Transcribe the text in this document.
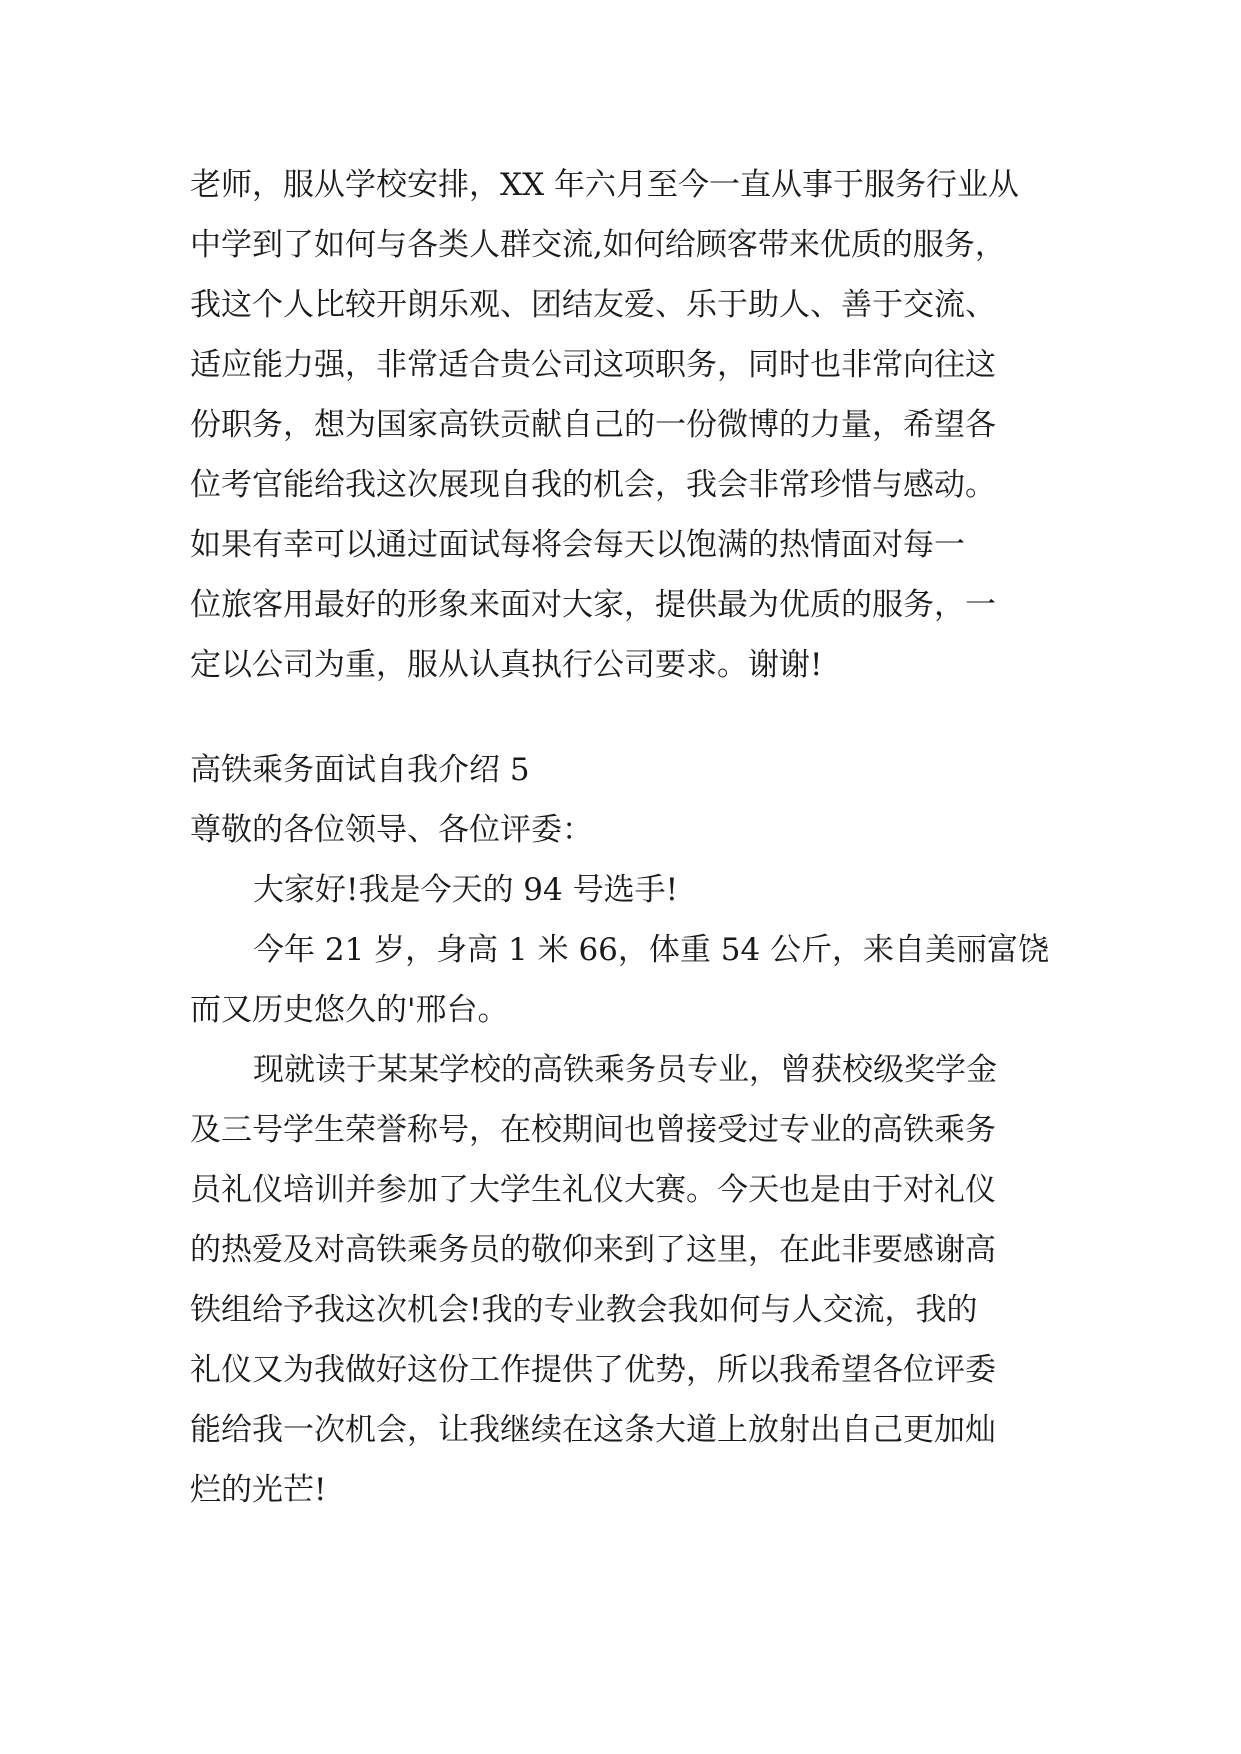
老师，服从学校安排，XX 年六月至今一直从事于服务行业从

中学到了如何与各类人群交流,如何给顾客带来优质的服务，

我这个人比较开朗乐观、团结友爱、乐于助人、善于交流、

适应能力强，非常适合贵公司这项职务，同时也非常向往这

份职务，想为国家高铁贡献自己的一份微博的力量，希望各

位考官能给我这次展现自我的机会，我会非常珍惜与感动。

如果有幸可以通过面试每将会每天以饱满的热情面对每一

位旅客用最好的形象来面对大家，提供最为优质的服务，一

定以公司为重，服从认真执行公司要求。谢谢!

高铁乘务面试自我介绍 5

尊敬的各位领导、各位评委：

大家好!我是今天的 94 号选手!

今年 21 岁，身高 1 米 66，体重 54 公斤，来自美丽富饶

而又历史悠久的'邢台。

现就读于某某学校的高铁乘务员专业，曾获校级奖学金

及三号学生荣誉称号，在校期间也曾接受过专业的高铁乘务

员礼仪培训并参加了大学生礼仪大赛。今天也是由于对礼仪

的热爱及对高铁乘务员的敬仰来到了这里，在此非要感谢高

铁组给予我这次机会!我的专业教会我如何与人交流，我的

礼仪又为我做好这份工作提供了优势，所以我希望各位评委

能给我一次机会，让我继续在这条大道上放射出自己更加灿

烂的光芒!
